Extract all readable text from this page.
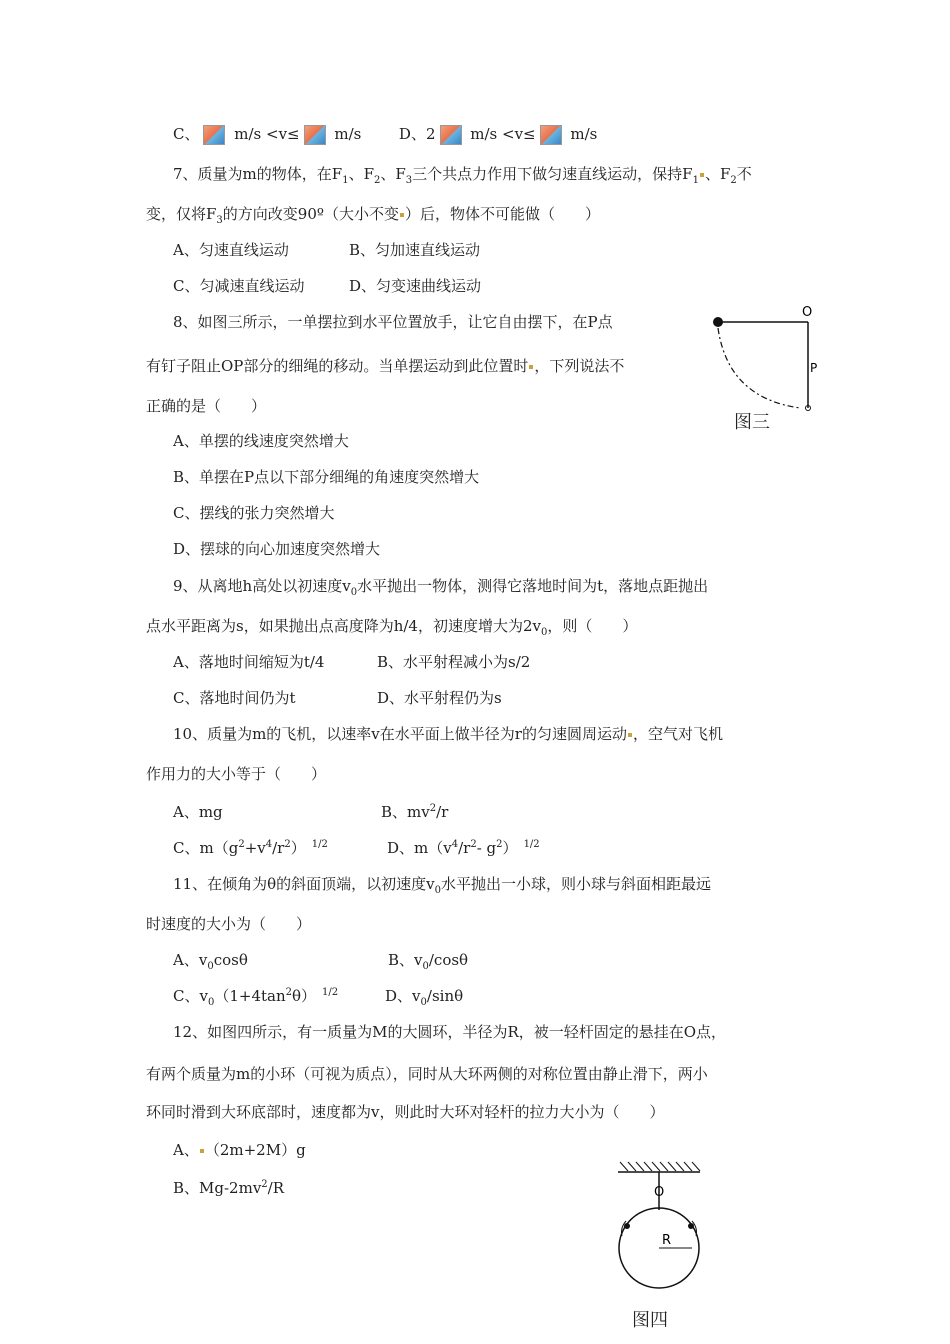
C、 m/s <v≤ m/s	D、2 m/s <v≤ m/s
7、质量为m的物体，在$F_1$、$F_2$、$F_3$三个共点力作用下做匀速直线运动，保持$F_1$ 、$F_2$不
变，仅将$F_3$的方向改变90º（大小不变 ）后，物体不可能做（　　）
A、匀速直线运动	B、匀加速直线运动
C、匀减速直线运动	D、匀变速曲线运动
8、如图三所示，一单摆拉到水平位置放手，让它自由摆下，在P点
有钉子阻止OP部分的细绳的移动。当单摆运动到此位置时 ，下列说法不
正确的是（　　）
A、单摆的线速度突然增大
B、单摆在P点以下部分细绳的角速度突然增大
C、摆线的张力突然增大
D、摆球的向心加速度突然增大
O
P
图三
9、从离地h高处以初速度$v_0$水平抛出一物体，测得它落地时间为t，落地点距抛出
点水平距离为s，如果抛出点高度降为h/4，初速度增大为$2v_0$，则（　　）
A、落地时间缩短为t/4	B、水平射程减小为s/2
C、落地时间仍为t	D、水平射程仍为s
10、质量为m的飞机，以速率v在水平面上做半径为r的匀速圆周运动 ，空气对飞机
作用力的大小等于（　　）
A、mg	B、$mv^2/r$
C、$m(g^2+v^4/r^2)$ $^{1/2}$	D、$m(v^4/r^2-$ $g^2$） $^{1/2}$
11、在倾角为θ的斜面顶端，以初速度$v_0$水平抛出一小球，则小球与斜面相距最远
时速度的大小为（　　）
A、$v_0\cos\theta$	B、$v_0$/cosθ
C、$v_0(1+4\tan^2\theta)$ $^{1/2}$	D、$v_0$/sinθ
12、如图四所示，有一质量为M的大圆环，半径为R，被一轻杆固定的悬挂在O点，
有两个质量为m的小环（可视为质点），同时从大环两侧的对称位置由静止滑下，两小
环同时滑到大环底部时，速度都为v，则此时大环对轻杆的拉力大小为（　　）
A、 （2m+2M）g
B、$Mg-2mv^2/R$	O
R
图四
